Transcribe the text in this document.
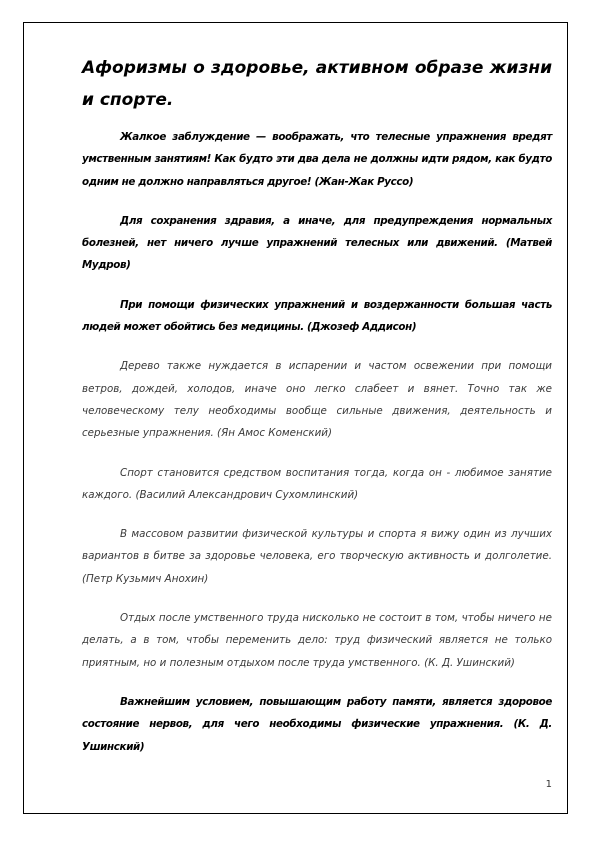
Афоризмы о здоровье, активном образе жизни и спорте.

Жалкое заблуждение — воображать, что телесные упражнения вредят умственным занятиям! Как будто эти два дела не должны идти рядом, как будто одним не должно направляться другое! (Жан-Жак Руссо)

Для сохранения здравия, а иначе, для предупреждения нормальных болезней, нет ничего лучше упражнений телесных или движений. (Матвей Мудров)

При помощи физических упражнений и воздержанности большая часть людей может обойтись без медицины. (Джозеф Аддисон)

Дерево также нуждается в испарении и частом освежении при помощи ветров, дождей, холодов, иначе оно легко слабеет и вянет. Точно так же человеческому телу необходимы вообще сильные движения, деятельность и серьезные упражнения. (Ян Амос Коменский)

Спорт становится средством воспитания тогда, когда он - любимое занятие каждого. (Василий Александрович Сухомлинский)

В массовом развитии физической культуры и спорта я вижу один из лучших вариантов в битве за здоровье человека, его творческую активность и долголетие. (Петр Кузьмич Анохин)

Отдых после умственного труда нисколько не состоит в том, чтобы ничего не делать, а в том, чтобы переменить дело: труд физический является не только приятным, но и полезным отдыхом после труда умственного. (К. Д. Ушинский)

Важнейшим условием, повышающим работу памяти, является здоровое состояние нервов, для чего необходимы физические упражнения. (К. Д. Ушинский)

1
